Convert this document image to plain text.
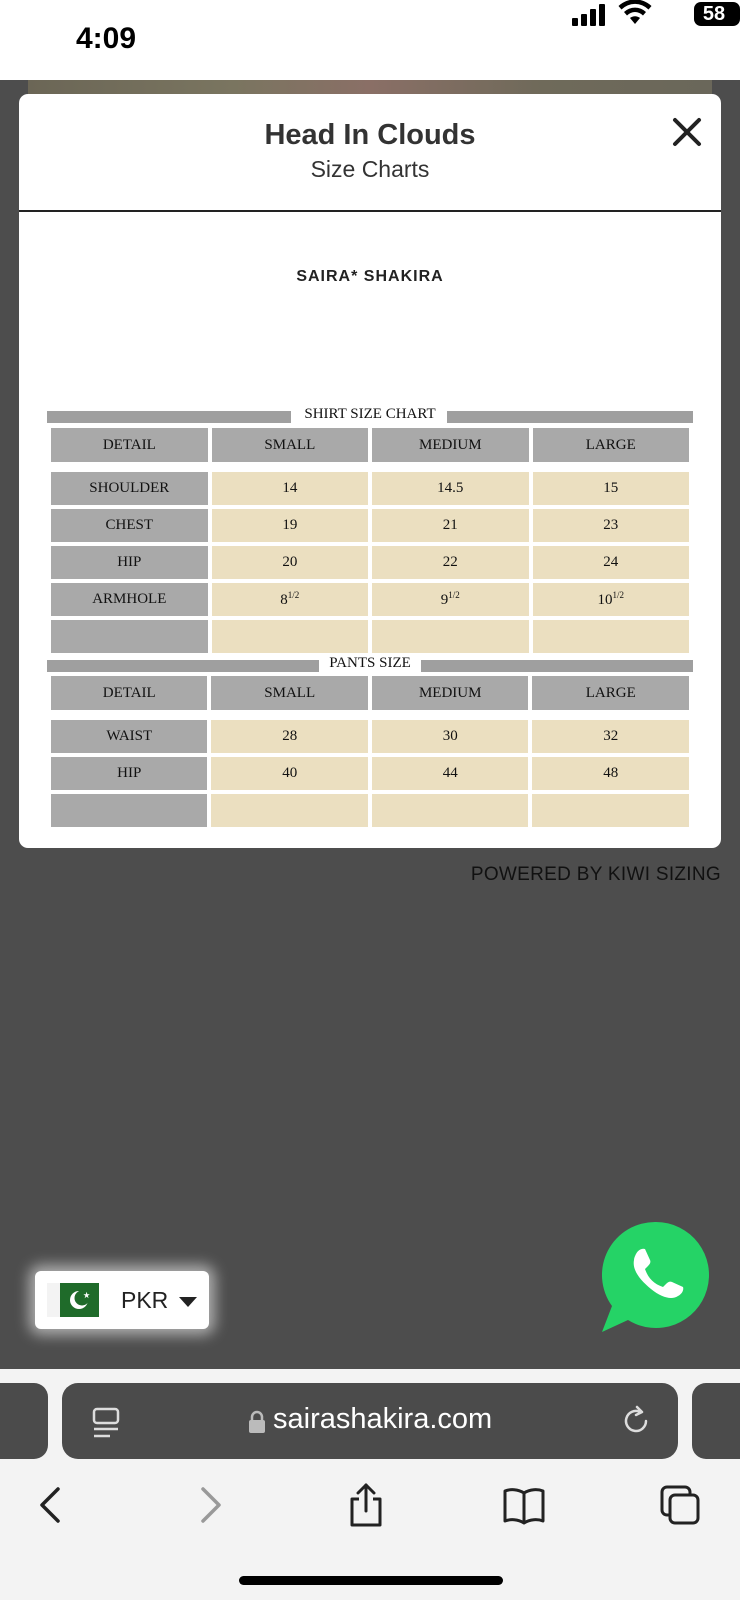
4:09
58
Head In Clouds
Size Charts
SAIRA* SHAKIRA
SHIRT SIZE CHART
DETAIL	SMALL	MEDIUM	LARGE

SHOULDER	14	14.5	15
CHEST	19	21	23
HIP	20	22	24
ARMHOLE	$8^{1/2}$	$9^{1/2}$	$10^{1/2}$

PANTS SIZE
DETAIL	SMALL	MEDIUM	LARGE

WAIST	28	30	32
HIP	40	44	48

POWERED BY KIWI SIZING
PKR
sairashakira.com
